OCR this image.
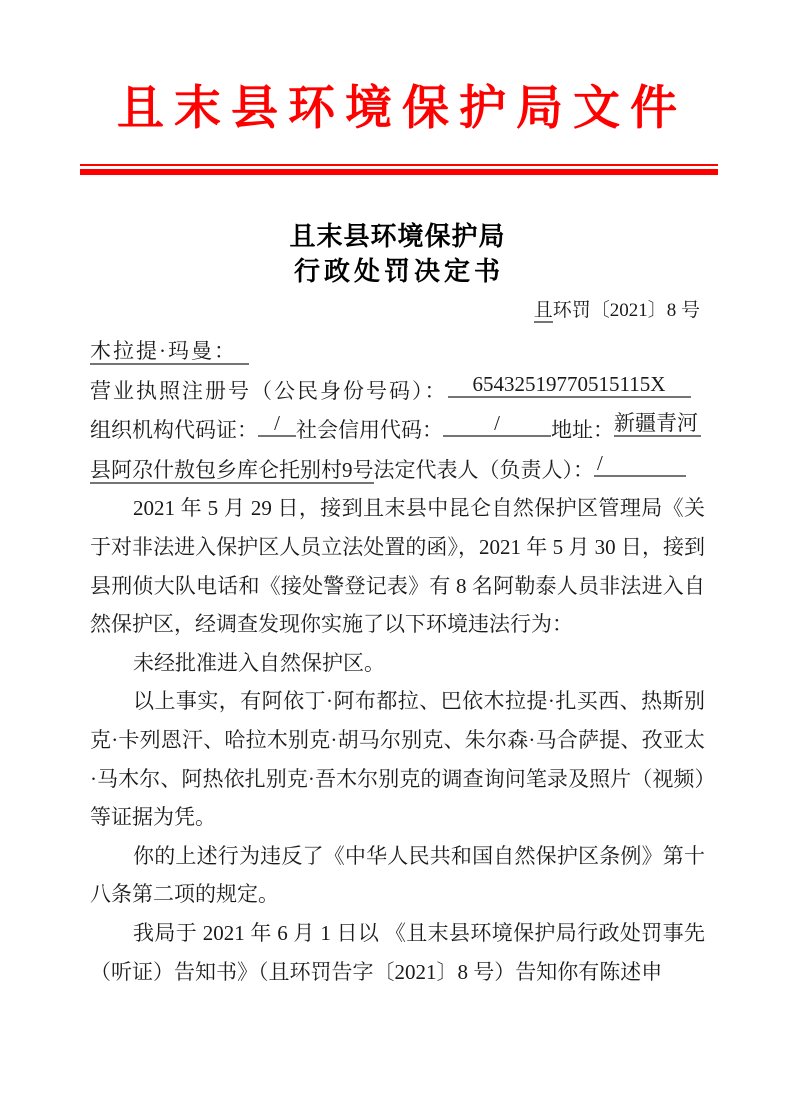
且末县环境保护局文件
且末县环境保护局
行政处罚决定书
且环罚〔2021〕8 号
木拉提·玛曼：
营业执照注册号（公民身份号码）： 65432519770515115X
组织机构代码证： / 社会信用代码： / 地址：新疆青河
县阿尕什敖包乡库仑托别村9号法定代表人（负责人）： /

2021 年 5 月 29 日，接到且末县中昆仑自然保护区管理局《关于对非法进入保护区人员立法处置的函》，2021 年 5 月 30 日，接到县刑侦大队电话和《接处警登记表》有 8 名阿勒泰人员非法进入自然保护区，经调查发现你实施了以下环境违法行为：

未经批准进入自然保护区。

以上事实，有阿依丁·阿布都拉、巴依木拉提·扎买西、热斯别克·卡列恩汗、哈拉木别克·胡马尔别克、朱尔森·马合萨提、孜亚太·马木尔、阿热依扎别克·吾木尔别克的调查询问笔录及照片（视频）等证据为凭。

你的上述行为违反了《中华人民共和国自然保护区条例》第十八条第二项的规定。

我局于 2021 年 6 月 1 日以 《且末县环境保护局行政处罚事先（听证）告知书》（且环罚告字〔2021〕8 号）告知你有陈述申
